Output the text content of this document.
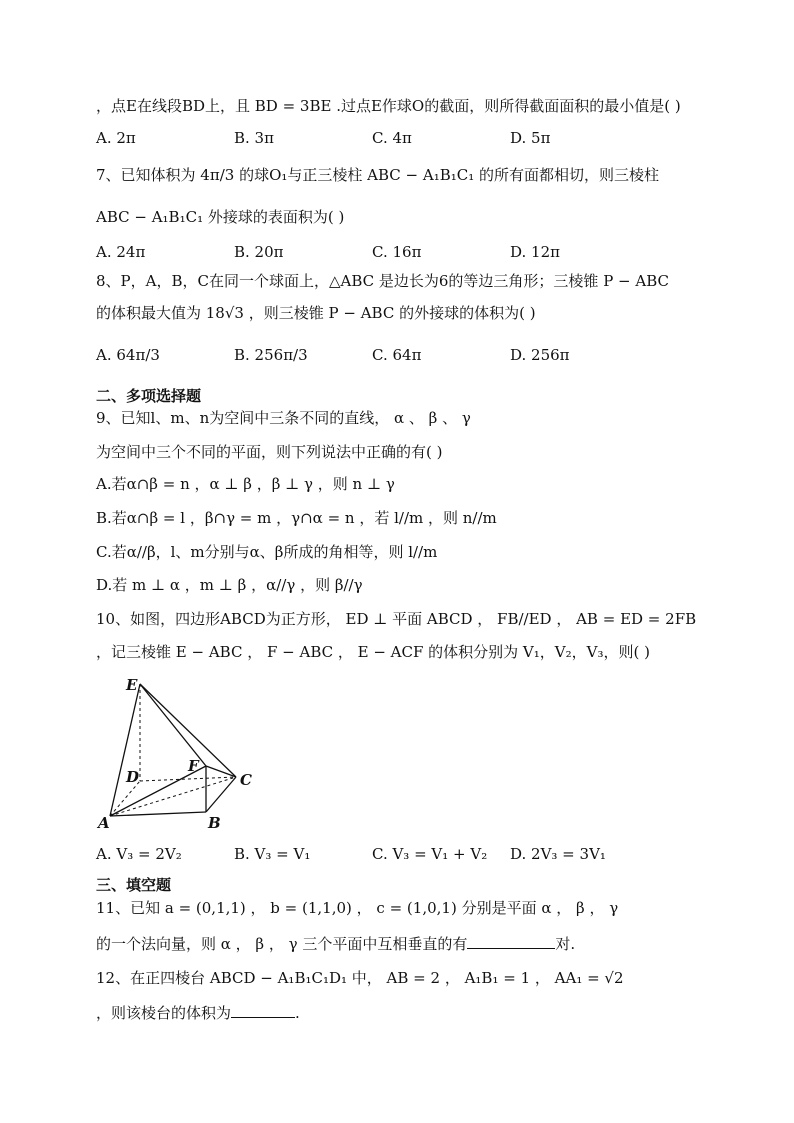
，点E在线段BD上，且 BD = 3BE .过点E作球O的截面，则所得截面面积的最小值是( )
A. 2π	B. 3π	C. 4π	D. 5π
7、已知体积为 4π/3 的球O₁与正三棱柱 ABC − A₁B₁C₁ 的所有面都相切，则三棱柱
ABC − A₁B₁C₁ 外接球的表面积为( )
A. 24π	B. 20π	C. 16π	D. 12π
8、P，A，B，C在同一个球面上，△ABC 是边长为6的等边三角形；三棱锥 P − ABC
的体积最大值为 18√3 ，则三棱锥 P − ABC 的外接球的体积为( )
A. 64π/3	B. 256π/3	C. 64π	D. 256π
二、多项选择题
9、已知l、m、n为空间中三条不同的直线， α 、 β 、 γ
为空间中三个不同的平面，则下列说法中正确的有( )
A.若α∩β = n ，α ⊥ β ，β ⊥ γ ，则 n ⊥ γ
B.若α∩β = l ，β∩γ = m ，γ∩α = n ，若 l//m ，则 n//m
C.若α//β，l、m分别与α、β所成的角相等，则 l//m
D.若 m ⊥ α ，m ⊥ β ，α//γ ，则 β//γ
10、如图，四边形ABCD为正方形， ED ⊥ 平面 ABCD ， FB//ED ， AB = ED = 2FB
，记三棱锥 E − ABC ， F − ABC ， E − ACF 的体积分别为 V₁，V₂，V₃，则( )
E
D
F
C
A	B
A. V₃ = 2V₂	B. V₃ = V₁	C. V₃ = V₁ + V₂ D. 2V₃ = 3V₁
三、填空题
11、已知 a = (0,1,1) ， b = (1,1,0) ， c = (1,0,1) 分别是平面 α ， β ， γ
的一个法向量，则 α ， β ， γ 三个平面中互相垂直的有	对.
12、在正四棱台 ABCD − A₁B₁C₁D₁ 中， AB = 2 ， A₁B₁ = 1 ， AA₁ = √2
，则该棱台的体积为	.
